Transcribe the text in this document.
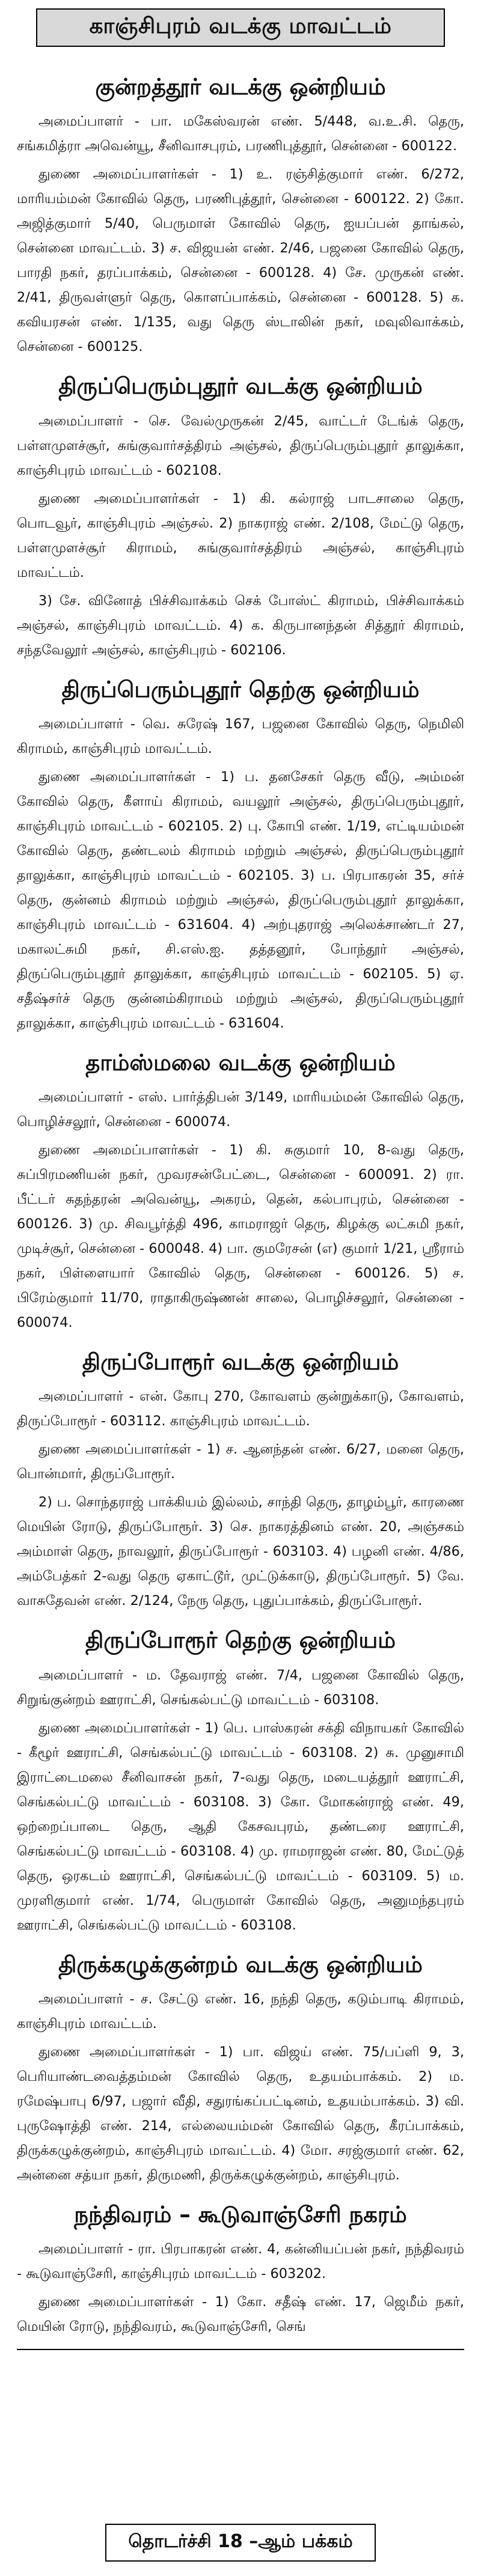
காஞ்சிபுரம் வடக்கு மாவட்டம்
குன்றத்தூர் வடக்கு ஒன்றியம்

அமைப்பாளர் - பா. மகேஸ்வரன் எண். 5/448, வ.உ.சி. தெரு, சங்கமித்ரா அவென்யூ, சீனிவாசபுரம், பரணிபுத்தூர், சென்னை - 600122.

துணை அமைப்பாளர்கள் - 1) உ. ரஞ்சித்குமார் எண். 6/272, மாரியம்மன் கோவில் தெரு, பரணிபுத்தூர், சென்னை - 600122. 2) கோ. அஜித்குமார் 5/40, பெருமாள் கோவில் தெரு, ஐயப்பன் தாங்கல், சென்னை மாவட்டம். 3) ச. விஜயன் எண். 2/46, பஜனை கோவில் தெரு, பாரதி நகர், தரப்பாக்கம், சென்னை - 600128. 4) சே. முருகன் எண். 2/41, திருவள்ளுர் தெரு, கொளப்பாக்கம், சென்னை - 600128. 5) க. கவியரசன் எண். 1/135, வது தெரு ஸ்டாலின் நகர், மவுலிவாக்கம், சென்னை - 600125.

திருப்பெரும்புதூர் வடக்கு ஒன்றியம்

அமைப்பாளர் - செ. வேல்முருகன் 2/45, வாட்டர் டேங்க் தெரு, பள்ளமுளச்சூர், சுங்குவார்சத்திரம் அஞ்சல், திருப்பெரும்புதூர் தாலுக்கா, காஞ்சிபுரம் மாவட்டம் - 602108.

துணை அமைப்பாளர்கள் - 1) கி. கல்ராஜ் பாடசாலை தெரு, பொடவூர், காஞ்சிபுரம் அஞ்சல். 2) நாகராஜ் எண். 2/108, மேட்டு தெரு, பள்ளமுளச்சூர் கிராமம், சுங்குவார்சத்திரம் அஞ்சல், காஞ்சிபுரம் மாவட்டம்.

3) சே. வினோத் பிச்சிவாக்கம் செக் போஸ்ட் கிராமம், பிச்சிவாக்கம் அஞ்சல், காஞ்சிபுரம் மாவட்டம். 4) க. கிருபானந்தன் சித்தூர் கிராமம், சந்தவேலூர் அஞ்சல், காஞ்சிபுரம் - 602106.

திருப்பெரும்புதூர் தெற்கு ஒன்றியம்

அமைப்பாளர் - வெ. சுரேஷ் 167, பஜனை கோவில் தெரு, நெமிலி கிராமம், காஞ்சிபுரம் மாவட்டம்.

துணை அமைப்பாளர்கள் - 1) ப. தனசேகர் தெரு வீடு, அம்மன் கோவில் தெரு, கீளாய் கிராமம், வயலூர் அஞ்சல், திருப்பெரும்புதூர், காஞ்சிபுரம் மாவட்டம் - 602105. 2) பு. கோபி எண். 1/19, எட்டியம்மன் கோவில் தெரு, தண்டலம் கிராமம் மற்றும் அஞ்சல், திருப்பெரும்புதூர் தாலுக்கா, காஞ்சிபுரம் மாவட்டம் - 602105. 3) ப. பிரபாகரன் 35, சர்ச் தெரு, குன்னம் கிராமம் மற்றும் அஞ்சல், திருப்பெரும்புதூர் தாலுக்கா, காஞ்சிபுரம் மாவட்டம் - 631604. 4) அற்புதராஜ் அலெக்சாண்டர் 27, மகாலட்சுமி நகர், சி.எஸ்.ஐ. தத்தனூர், போந்தூர் அஞ்சல், திருப்பெரும்புதூர் தாலுக்கா, காஞ்சிபுரம் மாவட்டம் - 602105. 5) ஏ. சதீஷ்சர்ச் தெரு குன்னம்கிராமம் மற்றும் அஞ்சல், திருப்பெரும்புதூர் தாலுக்கா, காஞ்சிபுரம் மாவட்டம் - 631604.

தாம்ஸ்மலை வடக்கு ஒன்றியம்

அமைப்பாளர் - எஸ். பார்த்திபன் 3/149, மாரியம்மன் கோவில் தெரு, பொழிச்சலூர், சென்னை - 600074.

துணை அமைப்பாளர்கள் - 1) கி. சுகுமார் 10, 8-வது தெரு, சுப்பிரமணியன் நகர், முவரசன்பேட்டை, சென்னை - 600091. 2) ரா. பீட்டர் சுதந்தரன் அவென்யூ, அகரம், தென், கல்பாபுரம், சென்னை - 600126. 3) மு. சிவபூர்த்தி 496, காமராஜர் தெரு, கிழக்கு லட்சுமி நகர், முடிச்சூர், சென்னை - 600048. 4) பா. குமரேசன் (எ) குமார் 1/21, ஸ்ரீராம் நகர், பிள்ளையார் கோவில் தெரு, சென்னை - 600126. 5) ச. பிரேம்குமார் 11/70, ராதாகிருஷ்ணன் சாலை, பொழிச்சலூர், சென்னை - 600074.

திருப்போரூர் வடக்கு ஒன்றியம்

அமைப்பாளர் - என். கோபு 270, கோவளம் குன்றுக்காடு, கோவளம், திருப்போரூர் - 603112. காஞ்சிபுரம் மாவட்டம்.

துணை அமைப்பாளர்கள் - 1) ச. ஆனந்தன் எண். 6/27, மனை தெரு, பொன்மார், திருப்போரூர்.

2) ப. சொந்தராஜ் பாக்கியம் இல்லம், சாந்தி தெரு, தாழம்பூர், காரணை மெயின் ரோடு, திருப்போரூர். 3) செ. நாகரத்தினம் எண். 20, அஞ்சகம் அம்மாள் தெரு, நாவலூர், திருப்போரூர் - 603103. 4) பழனி எண். 4/86, அம்பேத்கர் 2-வது தெரு ஏகாட்டூர், முட்டுக்காடு, திருப்போரூர். 5) வே. வாசுதேவன் எண். 2/124, நேரு தெரு, புதுப்பாக்கம், திருப்போரூர்.

திருப்போரூர் தெற்கு ஒன்றியம்

அமைப்பாளர் - ம. தேவராஜ் எண். 7/4, பஜனை கோவில் தெரு, சிறுங்குன்றம் ஊராட்சி, செங்கல்பட்டு மாவட்டம் - 603108.

துணை அமைப்பாளர்கள் - 1) பெ. பாஸ்கரன் சக்தி விநாயகர் கோவில் - கீழூர் ஊராட்சி, செங்கல்பட்டு மாவட்டம் - 603108. 2) சு. முனுசாமி இராட்டைமலை சீனிவாசன் நகர், 7-வது தெரு, மடையத்தூர் ஊராட்சி, செங்கல்பட்டு மாவட்டம் - 603108. 3) கோ. மோகன்ராஜ் எண். 49, ஒற்றைப்பாடை தெரு, ஆதி கேசவபுரம், தண்டரை ஊராட்சி, செங்கல்பட்டு மாவட்டம் - 603108. 4) மு. ராமராஜன் எண். 80, மேட்டுத் தெரு, ஒரகடம் ஊராட்சி, செங்கல்பட்டு மாவட்டம் - 603109. 5) ம. முரளிகுமார் எண். 1/74, பெருமாள் கோவில் தெரு, அனுமந்தபுரம் ஊராட்சி, செங்கல்பட்டு மாவட்டம் - 603108.

திருக்கழுக்குன்றம் வடக்கு ஒன்றியம்

அமைப்பாளர் - ச. சேட்டு எண். 16, நந்தி தெரு, கடும்பாடி கிராமம், காஞ்சிபுரம் மாவட்டம்.

துணை அமைப்பாளர்கள் - 1) பா. விஜய் எண். 75/பப்ளி 9, 3, பெரியாண்டவைத்தம்மன் கோவில் தெரு, உதயம்பாக்கம். 2) ம. ரமேஷ்பாபு 6/97, பஜார் வீதி, சதுரங்கப்பட்டினம், உதயம்பாக்கம். 3) வி. புருஷோத்தி எண். 214, எல்லையம்மன் கோவில் தெரு, கீரப்பாக்கம், திருக்கழுக்குன்றம், காஞ்சிபுரம் மாவட்டம். 4) மோ. சரஜ்குமார் எண். 62, அன்னை சத்யா நகர், திருமணி, திருக்கழுக்குன்றம், காஞ்சிபுரம்.

நந்திவரம் – கூடுவாஞ்சேரி நகரம்

அமைப்பாளர் - ரா. பிரபாகரன் எண். 4, கன்னியப்பன் நகர், நந்திவரம் - கூடுவாஞ்சேரி, காஞ்சிபுரம் மாவட்டம் - 603202.

துணை அமைப்பாளர்கள் - 1) கோ. சதீஷ் எண். 17, ஜெமீம் நகர், மெயின் ரோடு, நந்திவரம், கூடுவாஞ்சேரி, செங்

தொடர்ச்சி 18 –ஆம் பக்கம்
